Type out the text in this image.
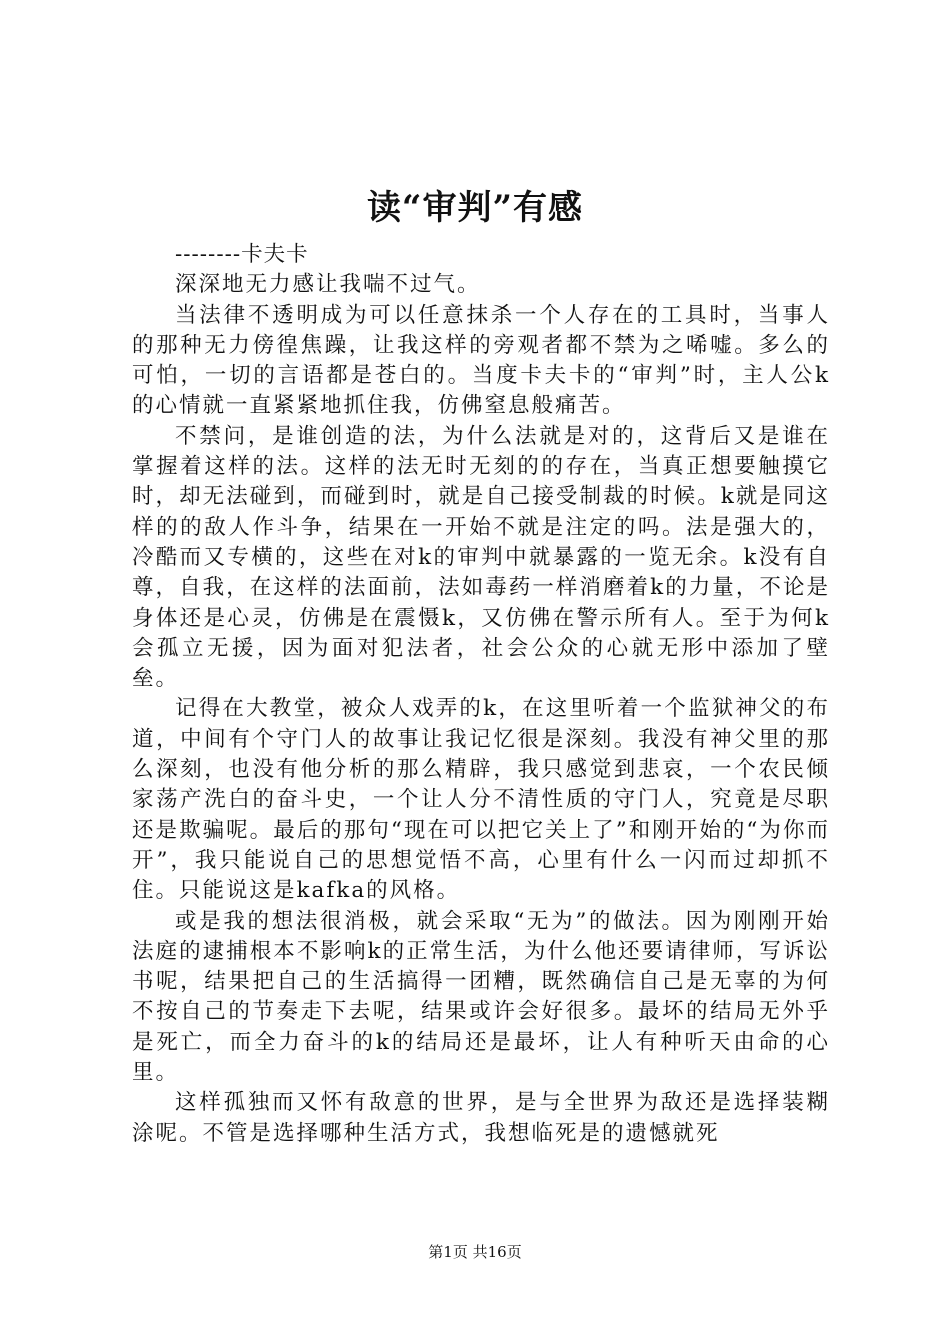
读“审判”有感

--------卡夫卡

深深地无力感让我喘不过气。

当法律不透明成为可以任意抹杀一个人存在的工具时，当事人的那种无力傍徨焦躁，让我这样的旁观者都不禁为之唏嘘。多么的可怕，一切的言语都是苍白的。当度卡夫卡的“审判”时，主人公k的心情就一直紧紧地抓住我，仿佛窒息般痛苦。

不禁问，是谁创造的法，为什么法就是对的，这背后又是谁在掌握着这样的法。这样的法无时无刻的的存在，当真正想要触摸它时，却无法碰到，而碰到时，就是自己接受制裁的时候。k就是同这样的的敌人作斗争，结果在一开始不就是注定的吗。法是强大的，冷酷而又专横的，这些在对k的审判中就暴露的一览无余。k没有自尊，自我，在这样的法面前，法如毒药一样消磨着k的力量，不论是身体还是心灵，仿佛是在震慑k，又仿佛在警示所有人。至于为何k会孤立无援，因为面对犯法者，社会公众的心就无形中添加了壁垒。

记得在大教堂，被众人戏弄的k，在这里听着一个监狱神父的布道，中间有个守门人的故事让我记忆很是深刻。我没有神父里的那么深刻，也没有他分析的那么精辟，我只感觉到悲哀，一个农民倾家荡产洗白的奋斗史，一个让人分不清性质的守门人，究竟是尽职还是欺骗呢。最后的那句“现在可以把它关上了”和刚开始的“为你而开”，我只能说自己的思想觉悟不高，心里有什么一闪而过却抓不住。只能说这是kafka的风格。

或是我的想法很消极，就会采取“无为”的做法。因为刚刚开始法庭的逮捕根本不影响k的正常生活，为什么他还要请律师，写诉讼书呢，结果把自己的生活搞得一团糟，既然确信自己是无辜的为何不按自己的节奏走下去呢，结果或许会好很多。最坏的结局无外乎是死亡，而全力奋斗的k的结局还是最坏，让人有种听天由命的心里。

这样孤独而又怀有敌意的世界，是与全世界为敌还是选择装糊涂呢。不管是选择哪种生活方式，我想临死是的遗憾就死

第1页 共16页
